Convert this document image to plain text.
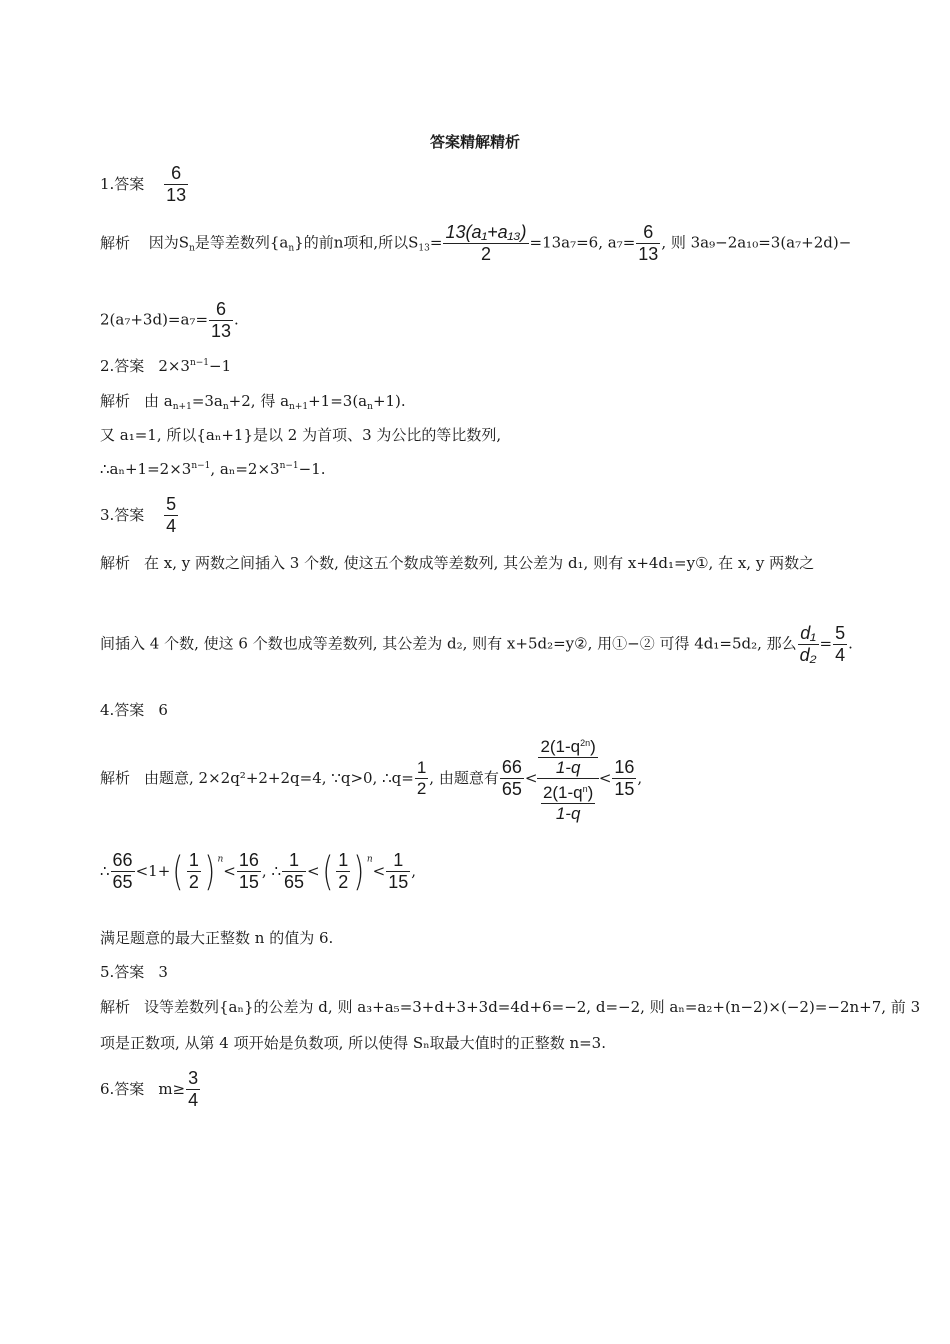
答案精解精析
1.答案 $\frac{6}{13}$
解析 因为$S_n$是等差数列$\{a_n\}$的前n项和,所以$S_{13}= \frac{\text{13(a₁+a₁₃)}}{2} =13a_7=6$, $a_7= \frac{6}{13}$ , 则 3a₉−2a₁₀=3(a₇+2d)−
$2(a_7+3d)=a_7= \frac{6}{13}$ .
2.答案 $2\times 3^{n-1}-1$
解析 由 $a_{n+1}=3a_n+2$, 得 $a_{n+1}+1=3(a_n+1)$.
又 a₁=1, 所以{aₙ+1}是以 2 为首项、3 为公比的等比数列,
$\therefore a_n+1=2\times 3^{n-1}$, $a_n=2\times 3^{n-1}-1$.
3.答案 $\frac{5}{4}$
解析 在 x, y 两数之间插入 3 个数, 使这五个数成等差数列, 其公差为 d₁, 则有 x+4d₁=y①, 在 x, y 两数之
间插入 4 个数, 使这 6 个数也成等差数列, 其公差为 d₂, 则有 x+5d₂=y②, 用①−② 可得 4d₁=5d₂, 那么 $\frac{\text{d₁}}{\text{d₂}} = \frac{5}{4}$ .
4.答案 6
解析 由题意, 2×2q²+2+2q=4, ∵q>0, ∴q= $\frac{1}{2}$ , 由题意有 $\frac{66}{65} < \frac{\frac{2(1-q^{2n})}{1-q}}{\frac{2(1-q^n)}{1-q}} < \frac{16}{15}$ ,
∴ $\frac{66}{65} <1+( \frac{1}{2}$ ) $^n< \frac{16}{15}$ , ∴ $\frac{1}{65}$ <( $\frac{1}{2}$ ) $^n< \frac{1}{15}$ ,
满足题意的最大正整数 n 的值为 6.
5.答案 3
解析 设等差数列{aₙ}的公差为 d, 则 a₃+a₅=3+d+3+3d=4d+6=−2, d=−2, 则 aₙ=a₂+(n−2)×(−2)=−2n+7, 前 3
项是正数项, 从第 4 项开始是负数项, 所以使得 Sₙ取最大值时的正整数 n=3.
6.答案 $m\ge \frac{3}{4}$
